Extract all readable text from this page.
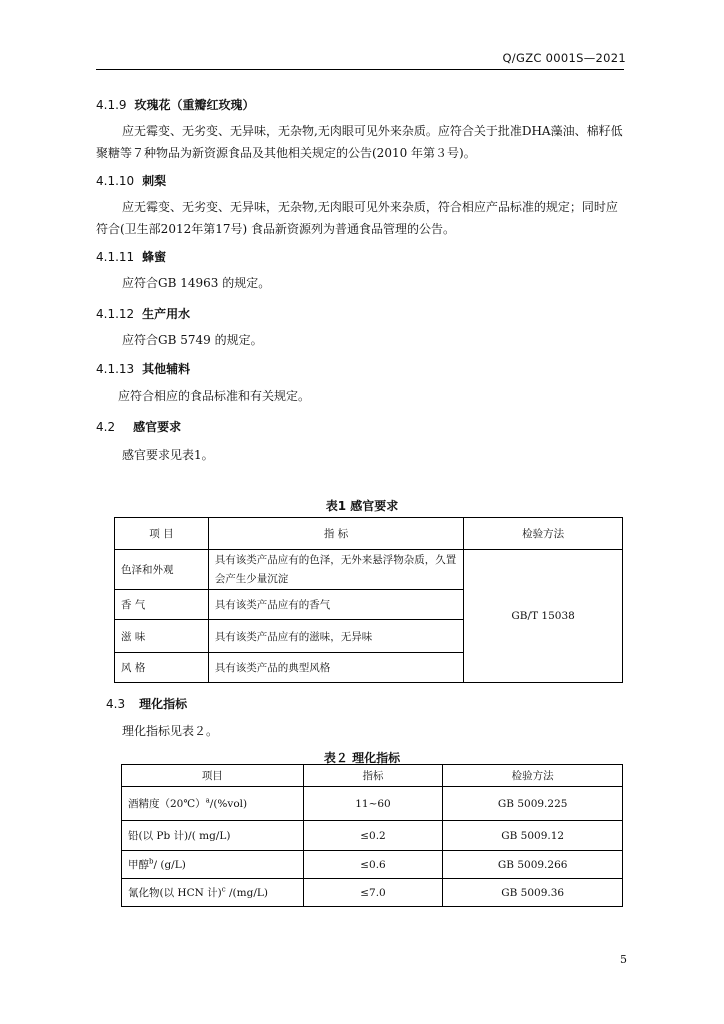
Q/GZC 0001S—2021
4.1.9 玫瑰花（重瓣红玫瑰）
应无霉变、无劣变、无异味，无杂物,无肉眼可见外来杂质。应符合关于批准DHA藻油、棉籽低聚糖等７种物品为新资源食品及其他相关规定的公告(2010 年第３号)。
4.1.10 刺梨
应无霉变、无劣变、无异味，无杂物,无肉眼可见外来杂质，符合相应产品标准的规定；同时应符合(卫生部2012年第17号) 食品新资源列为普通食品管理的公告。
4.1.11 蜂蜜
应符合GB 14963 的规定。
4.1.12 生产用水
应符合GB 5749 的规定。
4.1.13 其他辅料
应符合相应的食品标准和有关规定。
4.2 感官要求
感官要求见表1。
表1 感官要求
项 目	指 标	检验方法
色泽和外观	具有该类产品应有的色泽，无外来悬浮物杂质，久置会产生少量沉淀	GB/T 15038
香 气	具有该类产品应有的香气	
滋 味	具有该类产品应有的滋味，无异味	
风 格	具有该类产品的典型风格	
4.3 理化指标
理化指标见表２。
表２ 理化指标
项目	指标	检验方法
酒精度（20℃）$^a$/(%vol)	11~60	GB 5009.225
铅(以 Pb 计)/( mg/L)	≤0.2	GB 5009.12
甲醇$^b$/ (g/L)	≤0.6	GB 5009.266
氰化物(以 HCN 计)$^c$ /(mg/L)	≤7.0	GB 5009.36
5
